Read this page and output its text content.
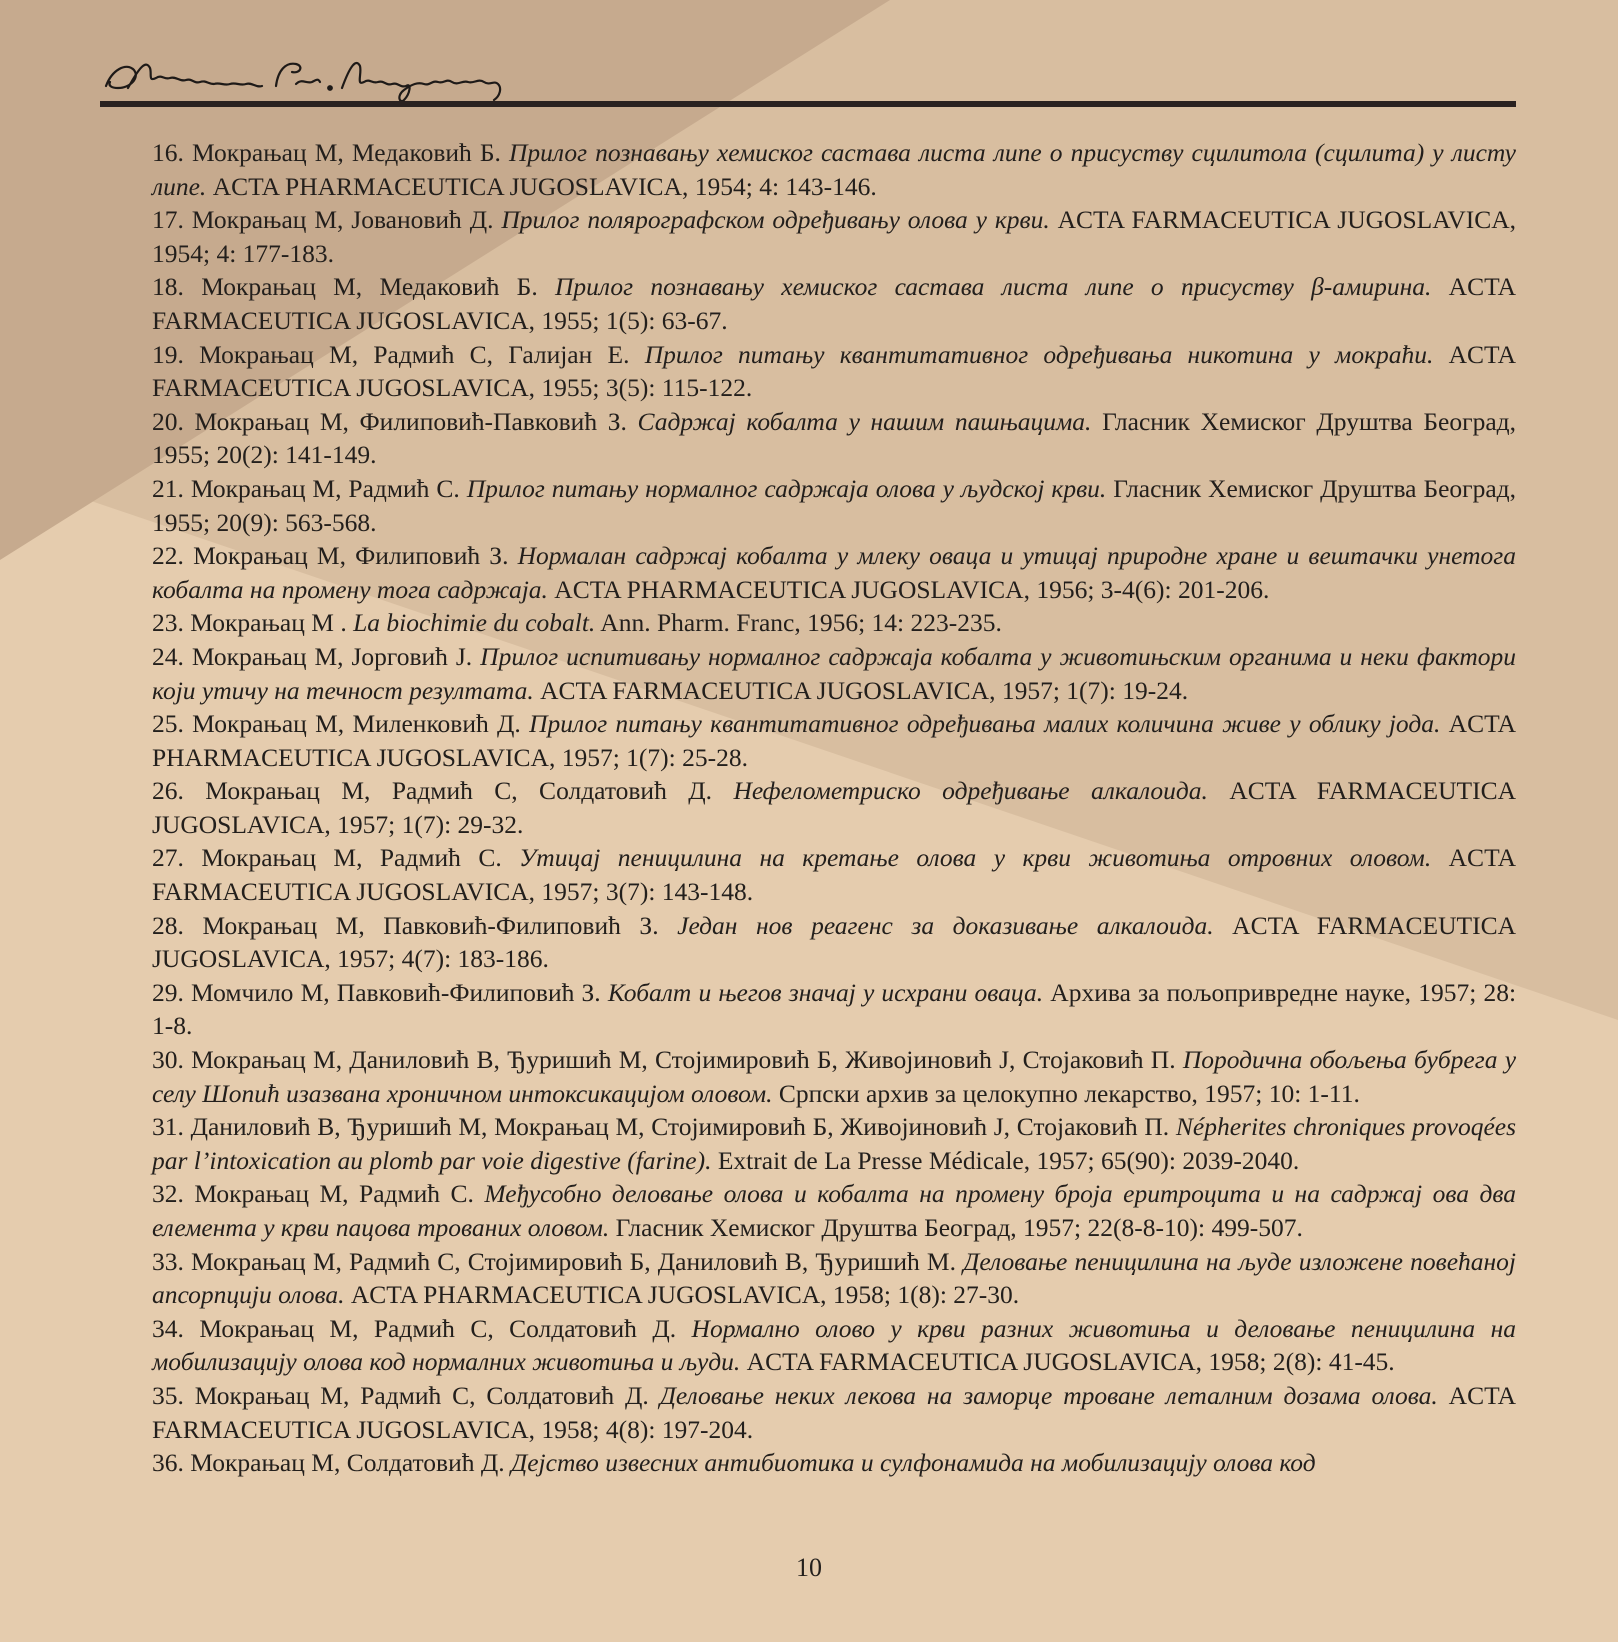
16. Мокрањац М, Медаковић Б. Прилог познавању хемиског састава листа липе о присуству сцилитола (сцилита) у листу липе. ACTA PHARMACEUTICA JUGOSLAVICA, 1954; 4: 143-146.

17. Мокрањац М, Јовановић Д. Прилог полярографском одређивању олова у крви. ACTA FARMACEUTICA JUGOSLAVICA, 1954; 4: 177-183.

18. Мокрањац М, Медаковић Б. Прилог познавању хемиског састава листа липе о присуству β-амирина. ACTA FARMACEUTICA JUGOSLAVICA, 1955; 1(5): 63-67.

19. Мокрањац М, Радмић С, Галијан Е. Прилог питању квантитативног одређивања никотина у мокраћи. ACTA FARMACEUTICA JUGOSLAVICA, 1955; 3(5): 115-122.

20. Мокрањац М, Филиповић-Павковић З. Садржај кобалта у нашим пашњацима. Гласник Хемиског Друштва Београд, 1955; 20(2): 141-149.

21. Мокрањац М, Радмић С. Прилог питању нормалног садржаја олова у људској крви. Гласник Хемиског Друштва Београд, 1955; 20(9): 563-568.

22. Мокрањац М, Филиповић З. Нормалан садржај кобалта у млеку оваца и утицај природне хране и вештачки унетога кобалта на промену тога садржаја. ACTA PHARMACEUTICA JUGOSLAVICA, 1956; 3-4(6): 201-206.

23. Мокрањац М . La biochimie du cobalt. Ann. Pharm. Franc, 1956; 14: 223-235.

24. Мокрањац М, Јорговић Ј. Прилог испитивању нормалног садржаја кобалта у животињским органима и неки фактори који утичу на течност резултата. ACTA FARMACEUTICA JUGOSLAVICA, 1957; 1(7): 19-24.

25. Мокрањац М, Миленковић Д. Прилог питању квантитативног одређивања малих количина живе у облику јода. ACTA PHARMACEUTICA JUGOSLAVICA, 1957; 1(7): 25-28.

26. Мокрањац М, Радмић С, Солдатовић Д. Нефелометриско одређивање алкалоида. ACTA FARMACEUTICA JUGOSLAVICA, 1957; 1(7): 29-32.

27. Мокрањац М, Радмић С. Утицај пеницилина на кретање олова у крви животиња отровних оловом. ACTA FARMACEUTICA JUGOSLAVICA, 1957; 3(7): 143-148.

28. Мокрањац М, Павковић-Филиповић З. Један нов реагенс за доказивање алкалоида. ACTA FARMACEUTICA JUGOSLAVICA, 1957; 4(7): 183-186.

29. Момчило М, Павковић-Филиповић З. Кобалт и његов значај у исхрани оваца. Архива за пољопривредне науке, 1957; 28: 1-8.

30. Мокрањац М, Даниловић В, Ђуришић М, Стојимировић Б, Живојиновић Ј, Стојаковић П. Породична обољења бубрега у селу Шопић изазвана хроничном интоксикацијом оловом. Српски архив за целокупно лекарство, 1957; 10: 1-11.

31. Даниловић В, Ђуришић М, Мокрањац М, Стојимировић Б, Живојиновић Ј, Стојаковић П. Népherites chroniques provoqées par l’intoxication au plomb par voie digestive (farine). Extrait de La Presse Médicale, 1957; 65(90): 2039-2040.

32. Мокрањац М, Радмић С. Међусобно деловање олова и кобалта на промену броја еритроцита и на садржај ова два елемента у крви пацова трованих оловом. Гласник Хемиског Друштва Београд, 1957; 22(8-8-10): 499-507.

33. Мокрањац М, Радмић С, Стојимировић Б, Даниловић В, Ђуришић М. Деловање пеницилина на људе изложене повећаној апсорпцији олова. ACTA PHARMACEUTICA JUGOSLAVICA, 1958; 1(8): 27-30.

34. Мокрањац М, Радмић С, Солдатовић Д. Нормално олово у крви разних животиња и деловање пеницилина на мобилизацију олова код нормалних животиња и људи. ACTA FARMACEUTICA JUGOSLAVICA, 1958; 2(8): 41-45.

35. Мокрањац М, Радмић С, Солдатовић Д. Деловање неких лекова на заморце троване леталним дозама олова. ACTA FARMACEUTICA JUGOSLAVICA, 1958; 4(8): 197-204.

36. Мокрањац М, Солдатовић Д. Дејство извесних антибиотика и сулфонамида на мобилизацију олова код

10
